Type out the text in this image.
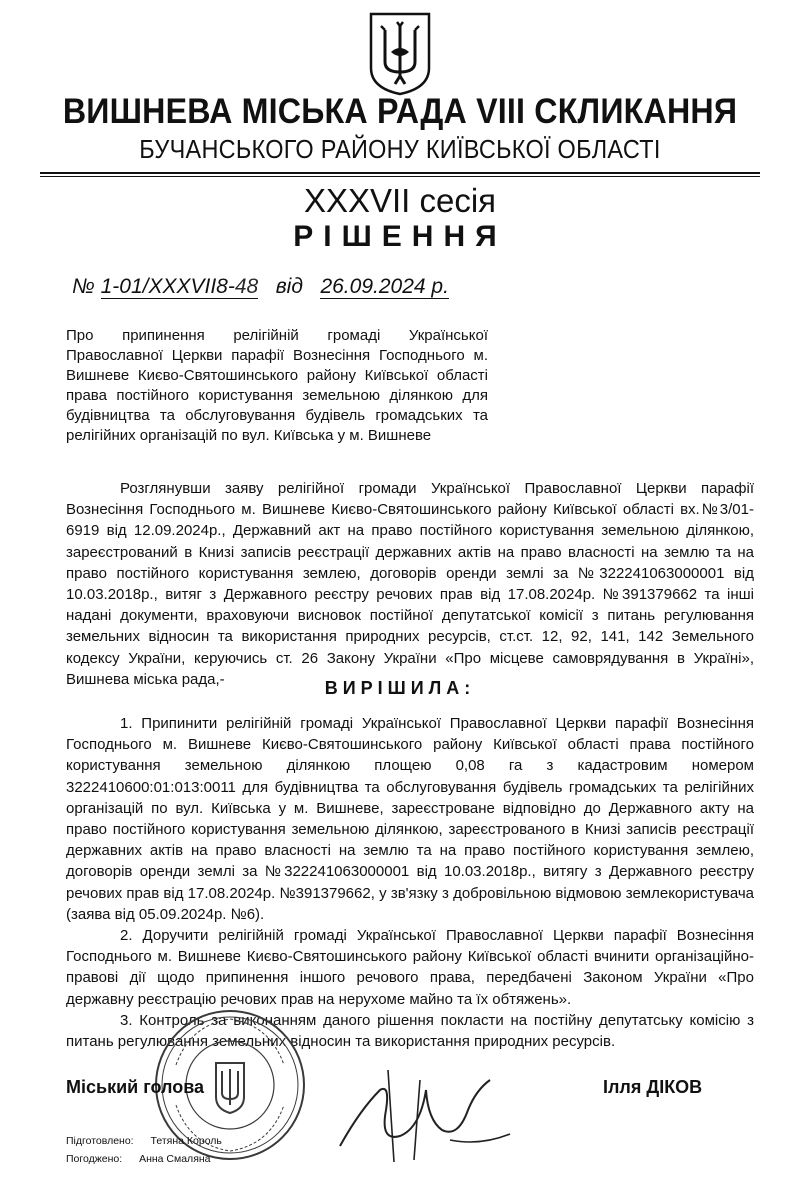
ВИШНЕВА МІСЬКА РАДА VIII СКЛИКАННЯ
БУЧАНСЬКОГО РАЙОНУ КИЇВСЬКОЇ ОБЛАСТІ
XXXVII сесія
РІШЕННЯ
№ 1-01/XXXVII8-48 від 26.09.2024 р.
Про припинення релігійній громаді Української Православної Церкви парафії Вознесіння Господнього м. Вишневе Києво-Святошинського району Київської області права постійного користування земельною ділянкою для будівництва та обслуговування будівель громадських та релігійних організацій по вул. Київська у м. Вишневе

Розглянувши заяву релігійної громади Української Православної Церкви парафії Вознесіння Господнього м. Вишневе Києво-Святошинського району Київської області вх.№3/01-6919 від 12.09.2024р., Державний акт на право постійного користування земельною ділянкою, зареєстрований в Книзі записів реєстрації державних актів на право власності на землю та на право постійного користування землею, договорів оренди землі за №322241063000001 від 10.03.2018р., витяг з Державного реєстру речових прав від 17.08.2024р. №391379662 та інші надані документи, враховуючи висновок постійної депутатської комісії з питань регулювання земельних відносин та використання природних ресурсів, ст.ст. 12, 92, 141, 142 Земельного кодексу України, керуючись ст. 26 Закону України «Про місцеве самоврядування в Україні», Вишнева міська рада,-	ВИРІШИЛА:

1. Припинити релігійній громаді Української Православної Церкви парафії Вознесіння Господнього м. Вишневе Києво-Святошинського району Київської області права постійного користування земельною ділянкою площею 0,08 га з кадастровим номером 3222410600:01:013:0011 для будівництва та обслуговування будівель громадських та релігійних організацій по вул. Київська у м. Вишневе, зареєстроване відповідно до Державного акту на право постійного користування земельною ділянкою, зареєстрованого в Книзі записів реєстрації державних актів на право власності на землю та на право постійного користування землею, договорів оренди землі за №322241063000001 від 10.03.2018р., витягу з Державного реєстру речових прав від 17.08.2024р. №391379662, у зв'язку з добровільною відмовою землекористувача (заява від 05.09.2024р. №6).

2. Доручити релігійній громаді Української Православної Церкви парафії Вознесіння Господнього м. Вишневе Києво-Святошинського району Київської області вчинити організаційно-правові дії щодо припинення іншого речового права, передбачені Законом України «Про державну реєстрацію речових прав на нерухоме майно та їх обтяжень».

3. Контроль за виконанням даного рішення покласти на постійну депутатську комісію з питань регулювання земельних відносин та використання природних ресурсів.

Міський голова	Ілля ДІКОВ
Підготовлено: Тетяна Король
Погоджено: Анна Смаляна
